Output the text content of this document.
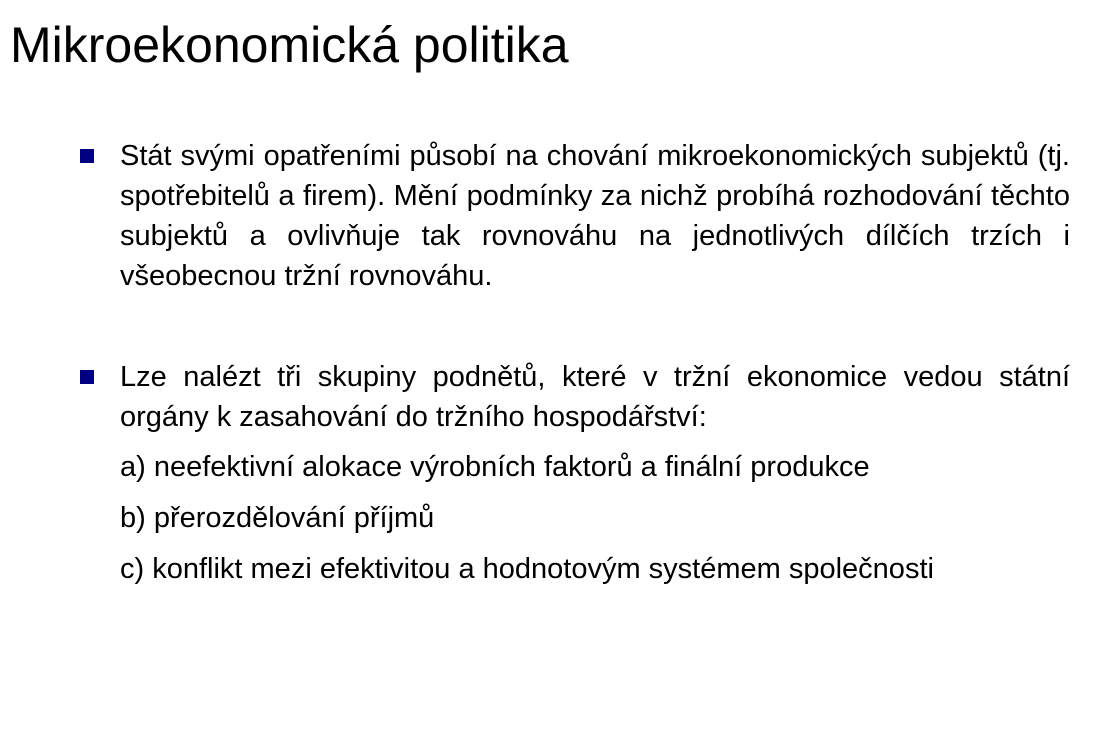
Mikroekonomická politika
Stát svými opatřeními působí na chování mikroekonomických subjektů (tj. spotřebitelů a firem). Mění podmínky za nichž probíhá rozhodování těchto subjektů a ovlivňuje tak rovnováhu na jednotlivých dílčích trzích i všeobecnou tržní rovnováhu.
Lze nalézt tři skupiny podnětů, které v tržní ekonomice vedou státní orgány k zasahování do tržního hospodářství:
a) neefektivní alokace výrobních faktorů a finální produkce
b) přerozdělování příjmů
c) konflikt mezi efektivitou a hodnotovým systémem společnosti
